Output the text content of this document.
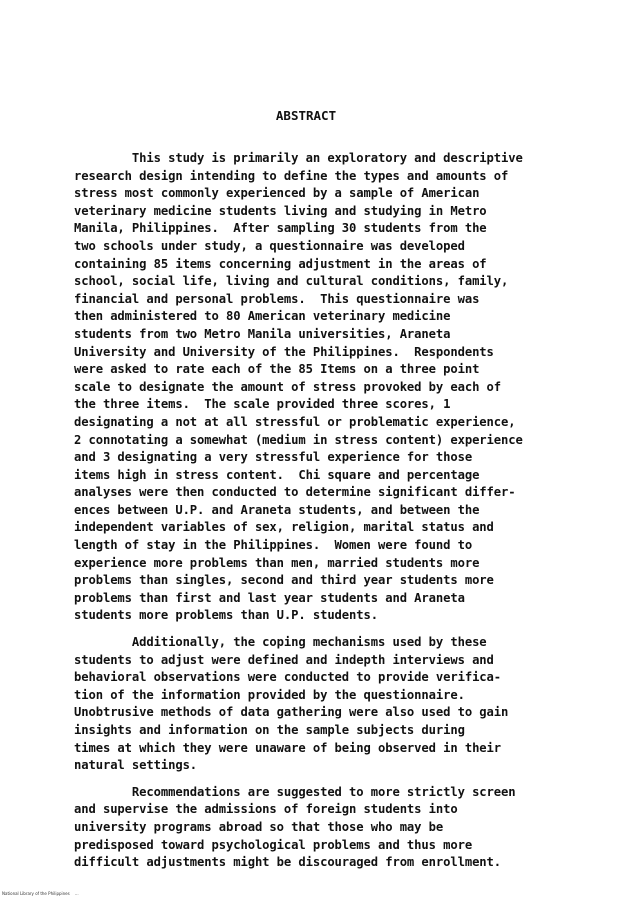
ABSTRACT
This study is primarily an exploratory and descriptive
research design intending to define the types and amounts of
stress most commonly experienced by a sample of American
veterinary medicine students living and studying in Metro
Manila, Philippines.  After sampling 30 students from the
two schools under study, a questionnaire was developed
containing 85 items concerning adjustment in the areas of
school, social life, living and cultural conditions, family,
financial and personal problems.  This questionnaire was
then administered to 80 American veterinary medicine
students from two Metro Manila universities, Araneta
University and University of the Philippines.  Respondents
were asked to rate each of the 85 Items on a three point
scale to designate the amount of stress provoked by each of
the three items.  The scale provided three scores, 1
designating a not at all stressful or problematic experience,
2 connotating a somewhat (medium in stress content) experience
and 3 designating a very stressful experience for those
items high in stress content.  Chi square and percentage
analyses were then conducted to determine significant differ-
ences between U.P. and Araneta students, and between the
independent variables of sex, religion, marital status and
length of stay in the Philippines.  Women were found to
experience more problems than men, married students more
problems than singles, second and third year students more
problems than first and last year students and Araneta
students more problems than U.P. students.
Additionally, the coping mechanisms used by these
students to adjust were defined and indepth interviews and
behavioral observations were conducted to provide verifica-
tion of the information provided by the questionnaire.
Unobtrusive methods of data gathering were also used to gain
insights and information on the sample subjects during
times at which they were unaware of being observed in their
natural settings.
Recommendations are suggested to more strictly screen
and supervise the admissions of foreign students into
university programs abroad so that those who may be
predisposed toward psychological problems and thus more
difficult adjustments might be discouraged from enrollment.
National Library of the Philippines    ...
